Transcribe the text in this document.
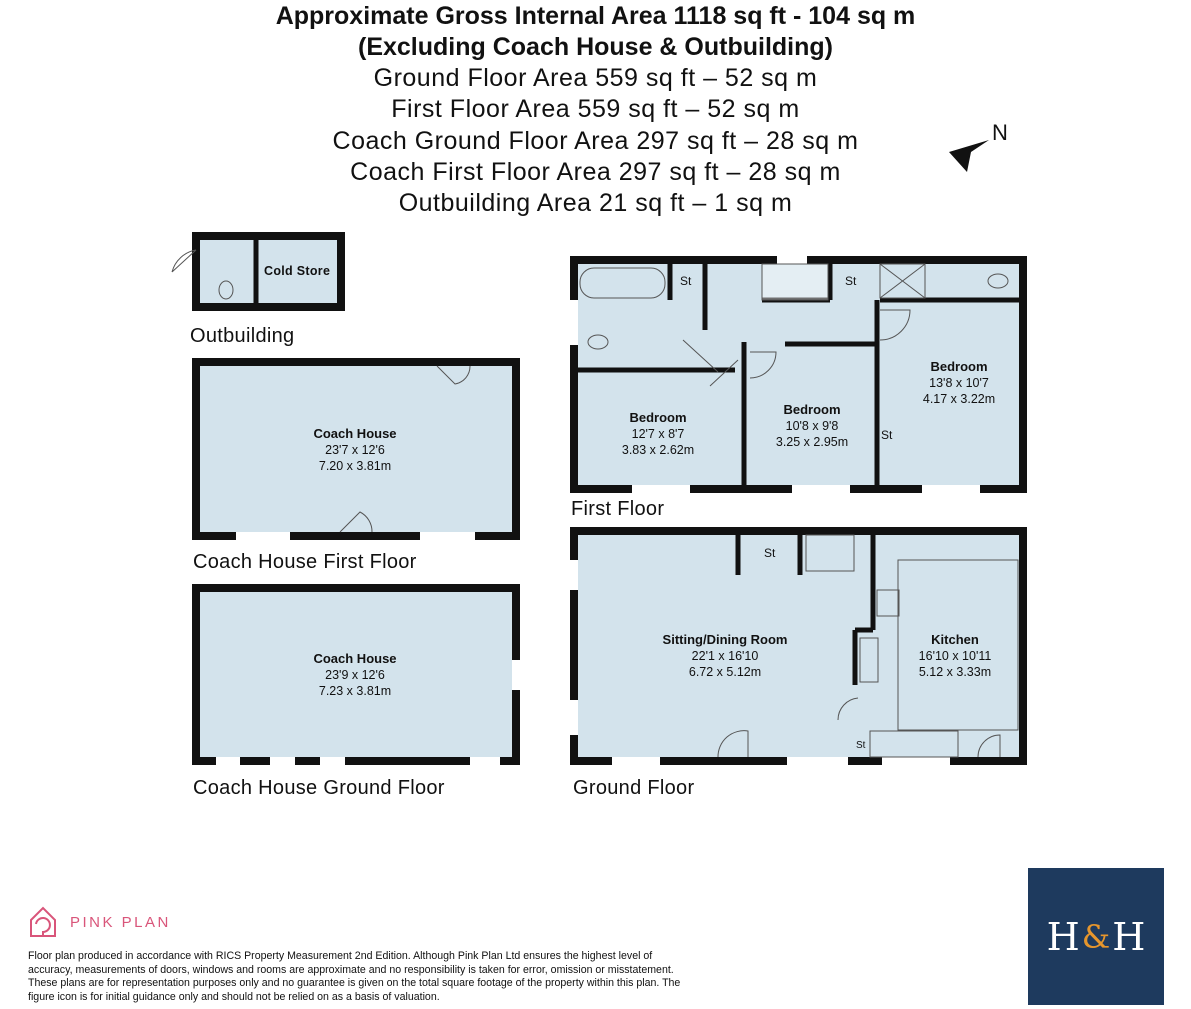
Approximate Gross Internal Area 1118 sq ft - 104 sq m
(Excluding Coach House & Outbuilding)
Ground Floor Area 559 sq ft – 52 sq m
First Floor Area 559 sq ft – 52 sq m
Coach Ground Floor Area 297 sq ft – 28 sq m
Coach First Floor Area 297 sq ft – 28 sq m
Outbuilding Area 21 sq ft – 1 sq m
Cold Store
Outbuilding
Coach House
23'7 x 12'6
7.20 x 3.81m
Coach House First Floor
Coach House
23'9 x 12'6
7.23 x 3.81m
Coach House Ground Floor
Bedroom
12'7 x 8'7
3.83 x 2.62m
Bedroom
10'8 x 9'8
3.25 x 2.95m
Bedroom
13'8 x 10'7
4.17 x 3.22m
St	St
St
First Floor
Sitting/Dining Room
22'1 x 16'10
6.72 x 5.12m
Kitchen
16'10 x 10'11
5.12 x 3.33m
St
St
Ground Floor
N
PINK PLAN
Floor plan produced in accordance with RICS Property Measurement 2nd Edition. Although Pink Plan Ltd ensures the highest level of accuracy, measurements of doors, windows and rooms are approximate and no responsibility is taken for error, omission or misstatement. These plans are for representation purposes only and no guarantee is given on the total square footage of the property within this plan. The figure icon is for initial guidance only and should not be relied on as a basis of valuation.
H & H
